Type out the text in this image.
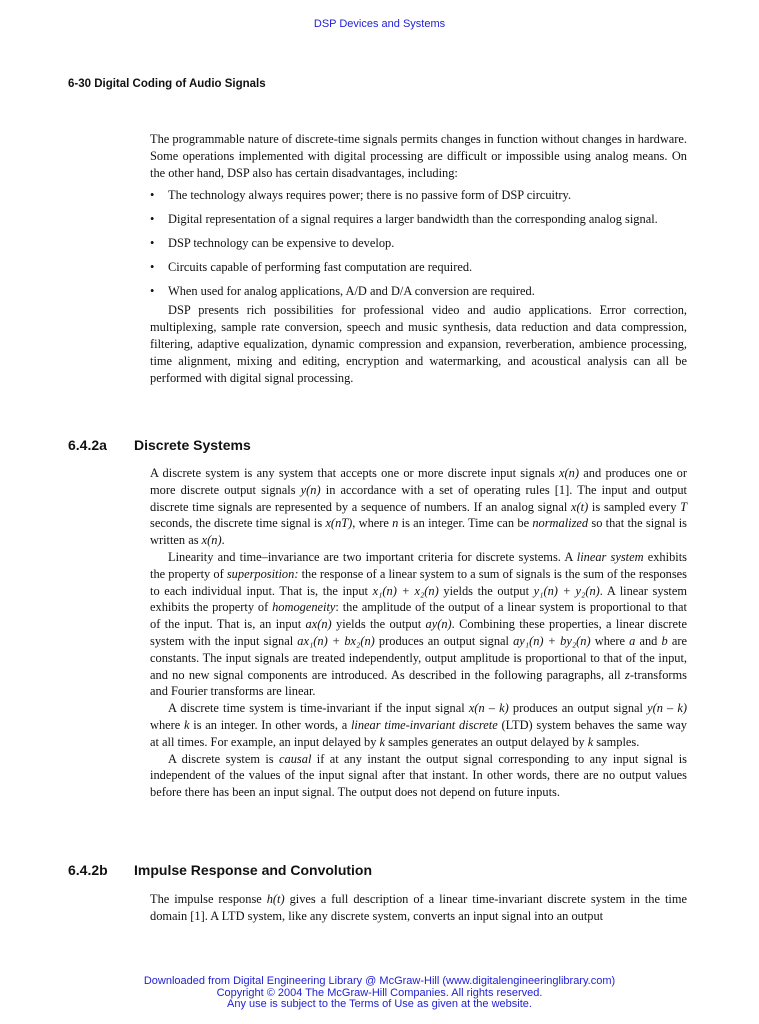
DSP Devices and Systems
6-30 Digital Coding of Audio Signals

The programmable nature of discrete-time signals permits changes in function without changes in hardware. Some operations implemented with digital processing are difficult or impossible using analog means. On the other hand, DSP also has certain disadvantages, including:

• The technology always requires power; there is no passive form of DSP circuitry.
• Digital representation of a signal requires a larger bandwidth than the corresponding analog signal.
• DSP technology can be expensive to develop.
• Circuits capable of performing fast computation are required.
• When used for analog applications, A/D and D/A conversion are required.

DSP presents rich possibilities for professional video and audio applications. Error correction, multiplexing, sample rate conversion, speech and music synthesis, data reduction and data compression, filtering, adaptive equalization, dynamic compression and expansion, reverberation, ambience processing, time alignment, mixing and editing, encryption and watermarking, and acoustical analysis can all be performed with digital signal processing.

6.4.2a Discrete Systems

A discrete system is any system that accepts one or more discrete input signals x(n) and produces one or more discrete output signals y(n) in accordance with a set of operating rules [1]. The input and output discrete time signals are represented by a sequence of numbers. If an analog signal x(t) is sampled every T seconds, the discrete time signal is x(nT), where n is an integer. Time can be normalized so that the signal is written as x(n).

Linearity and time–invariance are two important criteria for discrete systems. A linear system exhibits the property of superposition: the response of a linear system to a sum of signals is the sum of the responses to each individual input. That is, the input x₁(n) + x₂(n) yields the output y₁(n) + y₂(n). A linear system exhibits the property of homogeneity: the amplitude of the output of a linear system is proportional to that of the input. That is, an input ax(n) yields the output ay(n). Combining these properties, a linear discrete system with the input signal ax₁(n) + bx₂(n) produces an output signal ay₁(n) + by₂(n) where a and b are constants. The input signals are treated independently, output amplitude is proportional to that of the input, and no new signal components are introduced. As described in the following paragraphs, all z-transforms and Fourier transforms are linear.

A discrete time system is time-invariant if the input signal x(n – k) produces an output signal y(n – k) where k is an integer. In other words, a linear time-invariant discrete (LTD) system behaves the same way at all times. For example, an input delayed by k samples generates an output delayed by k samples.

A discrete system is causal if at any instant the output signal corresponding to any input signal is independent of the values of the input signal after that instant. In other words, there are no output values before there has been an input signal. The output does not depend on future inputs.

6.4.2b Impulse Response and Convolution

The impulse response h(t) gives a full description of a linear time-invariant discrete system in the time domain [1]. A LTD system, like any discrete system, converts an input signal into an output

Downloaded from Digital Engineering Library @ McGraw-Hill (www.digitalengineeringlibrary.com)
Copyright © 2004 The McGraw-Hill Companies. All rights reserved.
Any use is subject to the Terms of Use as given at the website.
